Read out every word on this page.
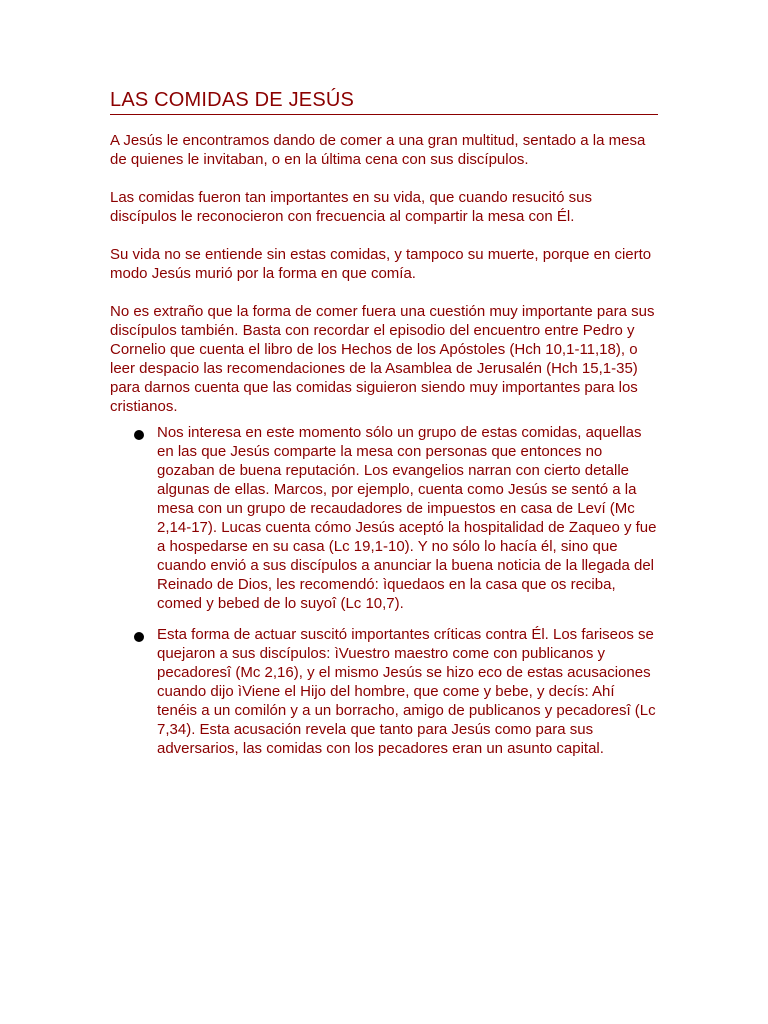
LAS COMIDAS DE JESÚS

A Jesús le encontramos dando de comer a una gran multitud, sentado a la mesa de quienes le invitaban, o en la última cena con sus discípulos.

Las comidas fueron tan importantes en su vida, que cuando resucitó sus discípulos le reconocieron con frecuencia al compartir la mesa con Él.

Su vida no se entiende sin estas comidas, y tampoco su muerte, porque en cierto modo Jesús murió por la forma en que comía.

No es extraño que la forma de comer fuera una cuestión muy importante para sus discípulos también. Basta con recordar el episodio del encuentro entre Pedro y Cornelio que cuenta el libro de los Hechos de los Apóstoles (Hch 10,1-11,18), o leer despacio las recomendaciones de la Asamblea de Jerusalén (Hch 15,1-35) para darnos cuenta que las comidas siguieron siendo muy importantes para los cristianos.

Nos interesa en este momento sólo un grupo de estas comidas, aquellas en las que Jesús comparte la mesa con personas que entonces no gozaban de buena reputación. Los evangelios narran con cierto detalle algunas de ellas. Marcos, por ejemplo, cuenta como Jesús se sentó a la mesa con un grupo de recaudadores de impuestos en casa de Leví (Mc 2,14-17). Lucas cuenta cómo Jesús aceptó la hospitalidad de Zaqueo y fue a hospedarse en su casa (Lc 19,1-10). Y no sólo lo hacía él, sino que cuando envió a sus discípulos a anunciar la buena noticia de la llegada del Reinado de Dios, les recomendó: ìquedaos en la casa que os reciba, comed y bebed de lo suyoî (Lc 10,7).
Esta forma de actuar suscitó importantes críticas contra Él. Los fariseos se quejaron a sus discípulos: ìVuestro maestro come con publicanos y pecadoresî (Mc 2,16), y el mismo Jesús se hizo eco de estas acusaciones cuando dijo ìViene el Hijo del hombre, que come y bebe, y decís: Ahí tenéis a un comilón y a un borracho, amigo de publicanos y pecadoresî (Lc 7,34). Esta acusación revela que tanto para Jesús como para sus adversarios, las comidas con los pecadores eran un asunto capital.
